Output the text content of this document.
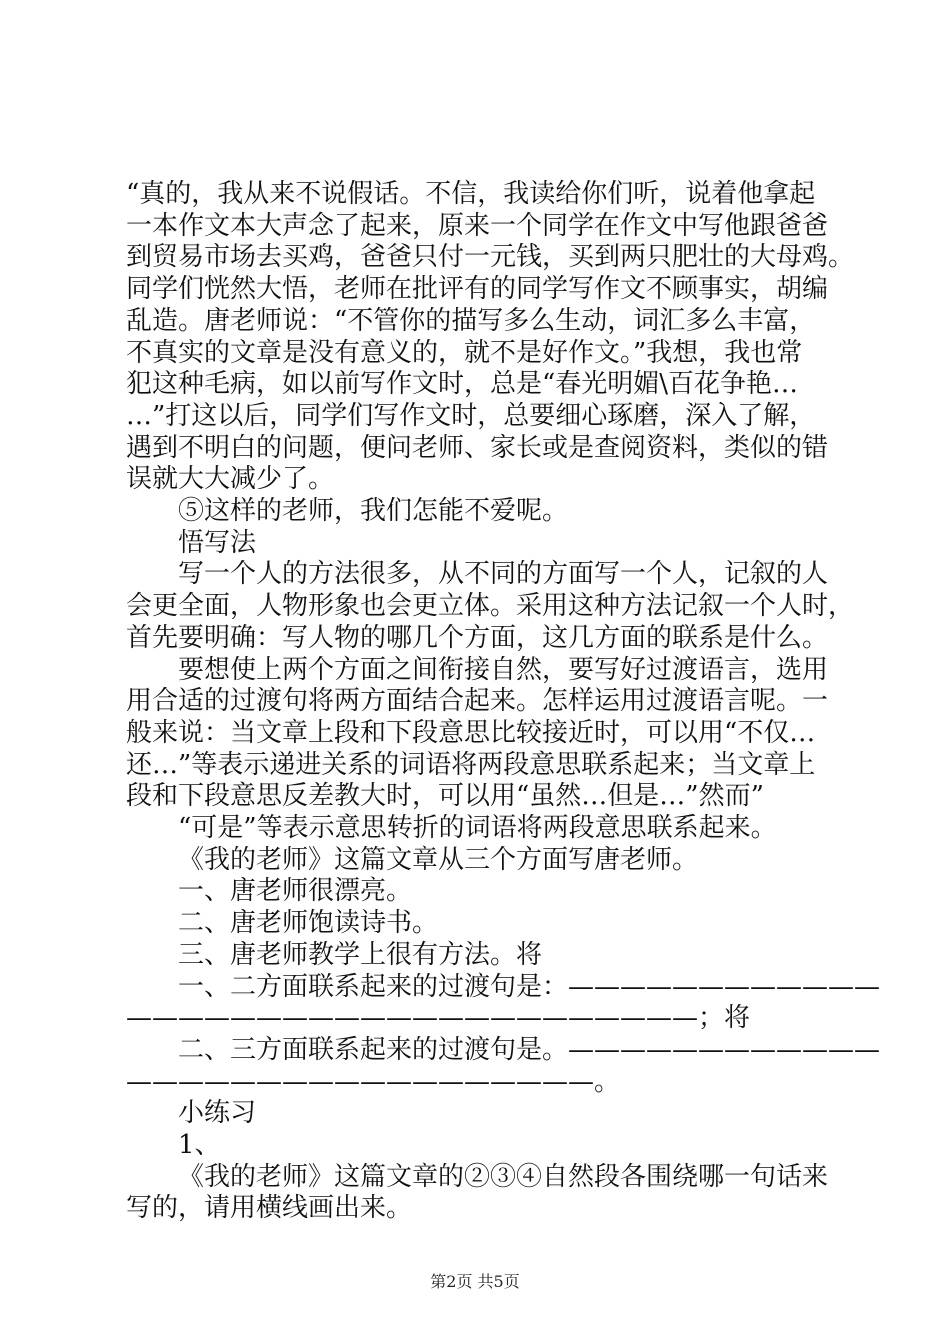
“真的，我从来不说假话。不信，我读给你们听，说着他拿起
一本作文本大声念了起来，原来一个同学在作文中写他跟爸爸
到贸易市场去买鸡，爸爸只付一元钱，买到两只肥壮的大母鸡。
同学们恍然大悟，老师在批评有的同学写作文不顾事实，胡编
乱造。唐老师说：“不管你的描写多么生动，词汇多么丰富，
不真实的文章是没有意义的，就不是好作文。”我想，我也常
犯这种毛病，如以前写作文时，总是“春光明媚\百花争艳…
…”打这以后，同学们写作文时，总要细心琢磨，深入了解，
遇到不明白的问题，便问老师、家长或是查阅资料，类似的错
误就大大减少了。
⑤这样的老师，我们怎能不爱呢。
悟写法
写一个人的方法很多，从不同的方面写一个人，记叙的人
会更全面，人物形象也会更立体。采用这种方法记叙一个人时，
首先要明确：写人物的哪几个方面，这几方面的联系是什么。
要想使上两个方面之间衔接自然，要写好过渡语言，选用
用合适的过渡句将两方面结合起来。怎样运用过渡语言呢。一
般来说：当文章上段和下段意思比较接近时，可以用“不仅…
还…”等表示递进关系的词语将两段意思联系起来；当文章上
段和下段意思反差教大时，可以用“虽然…但是…”然而”
“可是”等表示意思转折的词语将两段意思联系起来。
《我的老师》这篇文章从三个方面写唐老师。
一、唐老师很漂亮。
二、唐老师饱读诗书。
三、唐老师教学上很有方法。将
一、二方面联系起来的过渡句是：————————————
——————————————————————；将
二、三方面联系起来的过渡句是。————————————
——————————————————。
小练习
1、
《我的老师》这篇文章的②③④自然段各围绕哪一句话来
写的，请用横线画出来。
第2页 共5页
